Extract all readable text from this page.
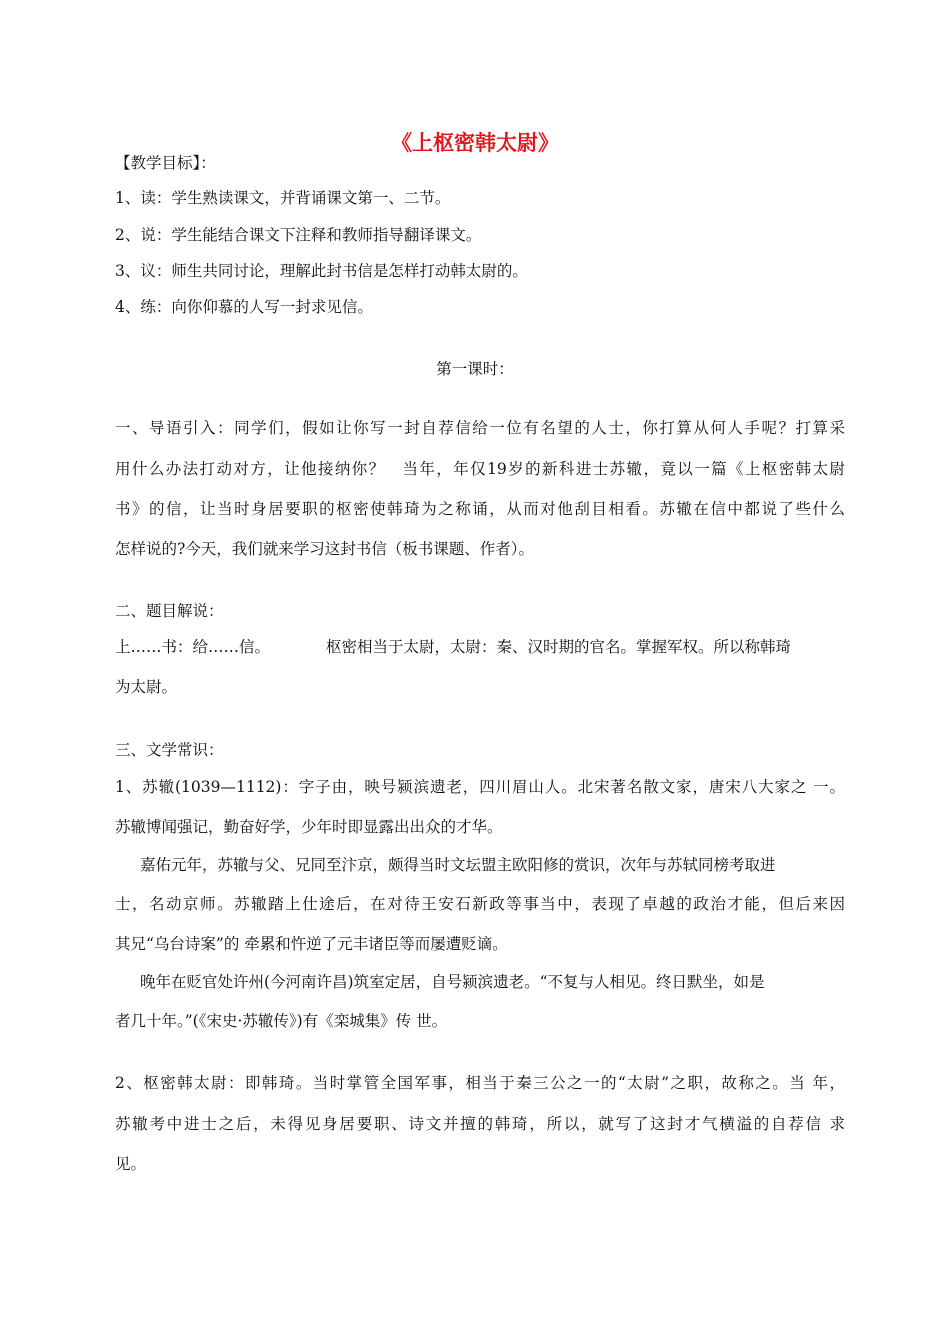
《上枢密韩太尉》
【教学目标】：
1、读：学生熟读课文，并背诵课文第一、二节。
2、说：学生能结合课文下注释和教师指导翻译课文。
3、议：师生共同讨论，理解此封书信是怎样打动韩太尉的。
4、练：向你仰慕的人写一封求见信。
第一课时：
一、导语引入：同学们，假如让你写一封自荐信给一位有名望的人士，你打算从何人手呢？打算采
用什么办法打动对方，让他接纳你？　当年，年仅19岁的新科进士苏辙，竟以一篇《上枢密韩太尉
书》的信，让当时身居要职的枢密使韩琦为之称诵，从而对他刮目相看。苏辙在信中都说了些什么
怎样说的?今天，我们就来学习这封书信（板书课题、作者）。
二、题目解说：
上……书：给……信。	枢密相当于太尉，太尉：秦、汉时期的官名。掌握军权。所以称韩琦
为太尉。
三、文学常识：
1、苏辙(1039—1112)：字子由，映号颍滨遗老，四川眉山人。北宋著名散文家，唐宋八大家之 一。
苏辙博闻强记，勤奋好学，少年时即显露出出众的才华。
嘉佑元年，苏辙与父、兄同至汴京，颇得当时文坛盟主欧阳修的赏识，次年与苏轼同榜考取进
士，名动京师。苏辙踏上仕途后，在对待王安石新政等事当中，表现了卓越的政治才能，但后来因
其兄“乌台诗案”的 牵累和忤逆了元丰诸臣等而屡遭贬谪。
晚年在贬官处许州(今河南许昌)筑室定居，自号颍滨遗老。“不复与人相见。终日默坐，如是
者几十年。”(《宋史·苏辙传》)有《栾城集》传 世。
2、枢密韩太尉：即韩琦。当时掌管全国军事，相当于秦三公之一的“太尉”之职，故称之。当 年，
苏辙考中进士之后，未得见身居要职、诗文并擅的韩琦，所以，就写了这封才气横溢的自荐信 求
见。
